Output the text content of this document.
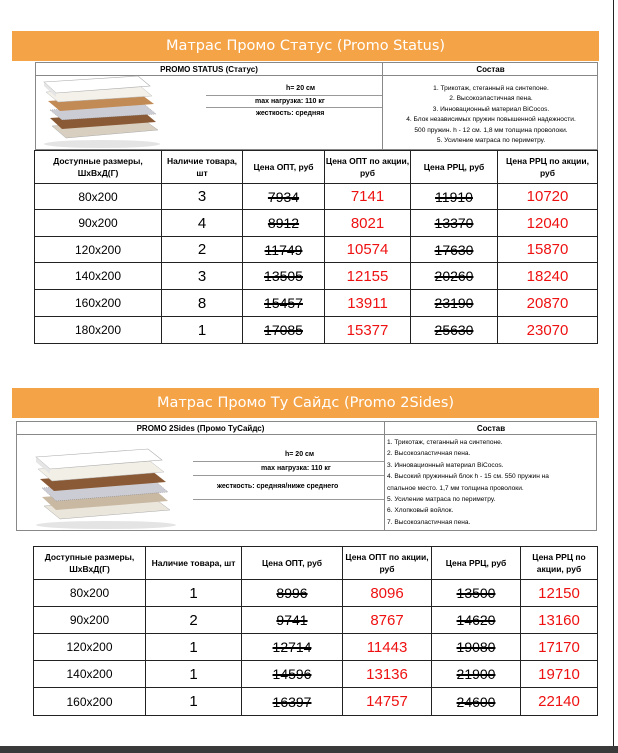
Матрас Промо Статус (Promo Status)
PROMO STATUS (Статус)	Состав
h= 20 см
max нагрузка: 110 кг
жесткость: средняя
1. Трикотаж, стеганный на синтепоне.
2. Высокоэластичная пена.
3. Инновационный материал BiCocos.
4. Блок независимых пружин повышенной надежности.
500 пружин. h - 12 см. 1,8 мм толщина проволоки.
5. Усиление матраса по периметру.
Доступные размеры, ШхВхД(Г)	Наличие товара, шт	Цена ОПТ, руб	Цена ОПТ по акции, руб	Цена РРЦ, руб	Цена РРЦ по акции, руб
80х200	3	7934	7141	11910	10720
90х200	4	8912	8021	13370	12040
120х200	2	11749	10574	17630	15870
140х200	3	13505	12155	20260	18240
160х200	8	15457	13911	23190	20870
180х200	1	17085	15377	25630	23070
Матрас Промо Ту Сайдс (Promo 2Sides)
PROMO 2Sides (Промо ТуСайдс)	Состав
h= 20 см
max нагрузка: 110 кг
жесткость: средняя/ниже среднего
1. Трикотаж, стеганный на синтепоне.
2. Высокоэластичная пена.
3. Инновационный материал BiCocos.
4. Высокий пружинный блок h - 15 см. 550 пружин на
спальное место. 1,7 мм толщина проволоки.
5. Усиление матраса по периметру.
6. Хлопковый войлок.
7. Высокоэластичная пена.
Доступные размеры, ШхВхД(Г)	Наличие товара, шт	Цена ОПТ, руб	Цена ОПТ по акции, руб	Цена РРЦ, руб	Цена РРЦ по акции, руб
80х200	1	8996	8096	13500	12150
90х200	2	9741	8767	14620	13160
120х200	1	12714	11443	19080	17170
140х200	1	14596	13136	21900	19710
160х200	1	16397	14757	24600	22140
